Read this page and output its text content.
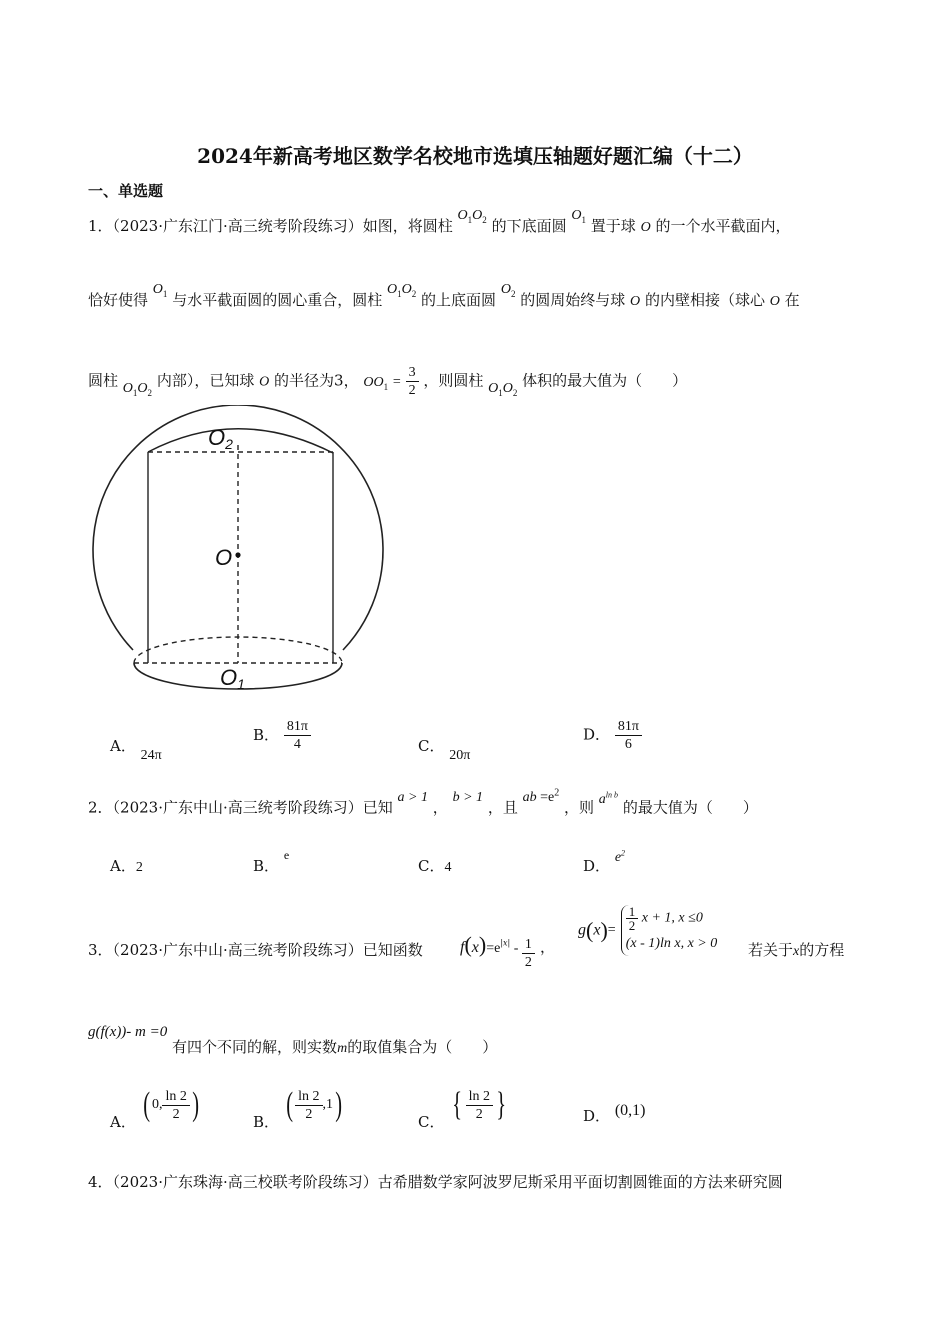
2024年新高考地区数学名校地市选填压轴题好题汇编（十二）
一、单选题
1．（2023·广东江门·高三统考阶段练习）如图，将圆柱 $O_1O_2$ 的下底面圆 $O_1$ 置于球 O 的一个水平截面内，
恰好使得 $O_1$ 与水平截面圆的圆心重合，圆柱 $O_1O_2$ 的上底面圆 $O_2$ 的圆周始终与球 O 的内壁相接（球心 O 在
圆柱 $O_1O_2$ 内部），已知球 O 的半径为3， $OO_1 = \frac{3}{2}$ ，则圆柱 $O_1O_2$ 体积的最大值为（　　）
O2
O
O1
A． 24π
B． $\frac{81\pi}{4}$	C． 20π
D． $\frac{81\pi}{6}$
2．（2023·广东中山·高三统考阶段练习）已知 a > 1 ， b > 1 ，且 ab $=e^2$ ，则 $a^{ln b}$ 的最大值为（　　）
A．2	B． $^e$
C．4	D． $e^2$
3．（2023·广东中山·高三统考阶段练习）已知函数 $f(x)=e^{|x|} - \frac{1}{2}$ ，
$g(x)= \frac{1}{2}$ x + 1, x ≤0
(x - 1)ln x, x > 0 若关于x的方程
g(f(x))- m =0 有四个不同的解，则实数m的取值集合为（　　）
A． ( 0, $\frac{\ln 2}{2}$ )	B． ( $\frac{\ln 2}{2} ,1$)	C． { $\frac{\ln 2}{2}$ }	D． (0,1)
4．（2023·广东珠海·高三校联考阶段练习）古希腊数学家阿波罗尼斯采用平面切割圆锥面的方法来研究圆
